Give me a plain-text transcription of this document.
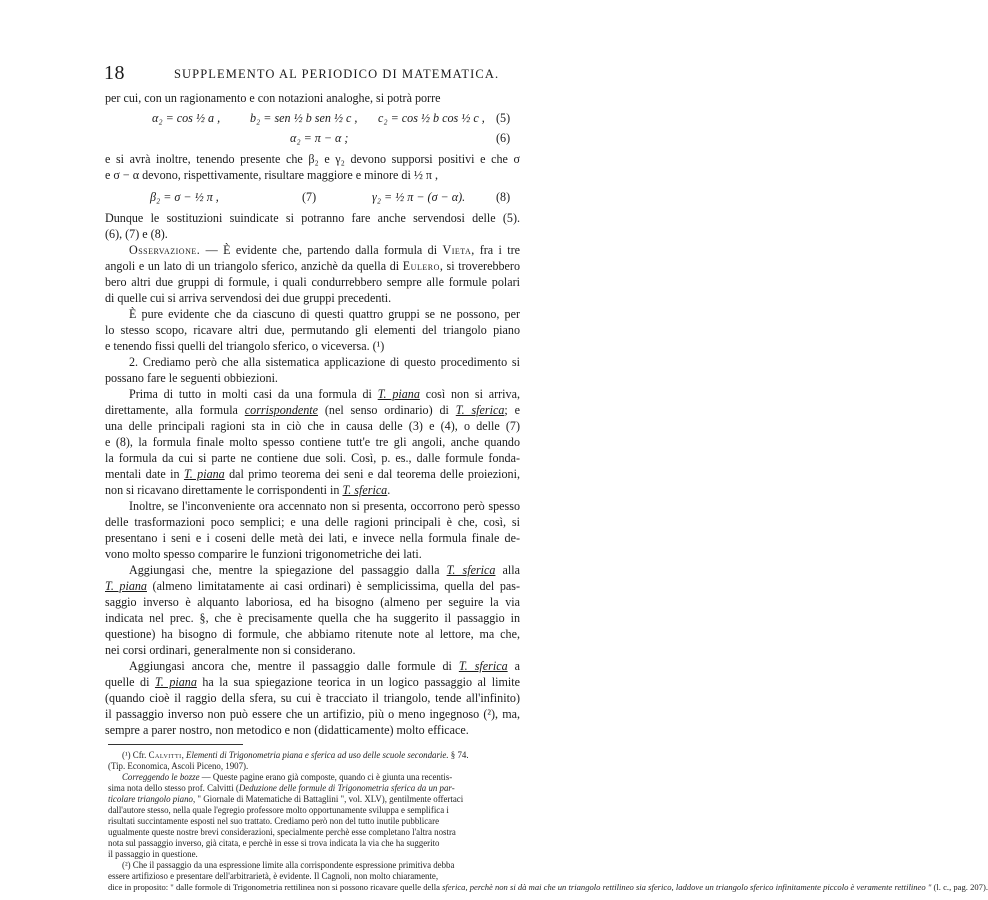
18	SUPPLEMENTO AL PERIODICO DI MATEMATICA.
per cui, con un ragionamento e con notazioni analoghe, si potrà porre
α₂ = cos ½ a , b₂ = sen ½ b sen ½ c , c₂ = cos ½ b cos ½ c , (5)
α₂ = π − α ;	(6)
e si avrà inoltre, tenendo presente che β₂ e γ₂ devono supporsi positivi e che σ
e σ − α devono, rispettivamente, risultare maggiore e minore di ½ π ,
β₂ = σ − ½ π ,	(7)	γ₂ = ½ π − (σ − α).	(8)
Dunque le sostituzioni suindicate si potranno fare anche servendosi delle (5).
(6), (7) e (8).
Osservazione. — È evidente che, partendo dalla formula di Vieta, fra i tre
angoli e un lato di un triangolo sferico, anzichè da quella di Eulero, si troverebbero
bero altri due gruppi di formule, i quali condurrebbero sempre alle formule polari
di quelle cui si arriva servendosi dei due gruppi precedenti.
È pure evidente che da ciascuno di questi quattro gruppi se ne possono, per
lo stesso scopo, ricavare altri due, permutando gli elementi del triangolo piano
e tenendo fissi quelli del triangolo sferico, o viceversa. (¹)
2. Crediamo però che alla sistematica applicazione di questo procedimento si
possano fare le seguenti obbiezioni.
Prima di tutto in molti casi da una formula di T. piana così non si arriva,
direttamente, alla formula corrispondente (nel senso ordinario) di T. sferica; e
una delle principali ragioni sta in ciò che in causa delle (3) e (4), o delle (7)
e (8), la formula finale molto spesso contiene tutt'e tre gli angoli, anche quando
la formula da cui si parte ne contiene due soli. Così, p. es., dalle formule fonda-
mentali date in T. piana dal primo teorema dei seni e dal teorema delle proiezioni,
non si ricavano direttamente le corrispondenti in T. sferica.
Inoltre, se l'inconveniente ora accennato non si presenta, occorrono però spesso
delle trasformazioni poco semplici; e una delle ragioni principali è che, così, si
presentano i seni e i coseni delle metà dei lati, e invece nella formula finale de-
vono molto spesso comparire le funzioni trigonometriche dei lati.
Aggiungasi che, mentre la spiegazione del passaggio dalla T. sferica alla
T. piana (almeno limitatamente ai casi ordinari) è semplicissima, quella del pas-
saggio inverso è alquanto laboriosa, ed ha bisogno (almeno per seguire la via
indicata nel prec. §, che è precisamente quella che ha suggerito il passaggio in
questione) ha bisogno di formule, che abbiamo ritenute note al lettore, ma che,
nei corsi ordinari, generalmente non si considerano.
Aggiungasi ancora che, mentre il passaggio dalle formule di T. sferica a
quelle di T. piana ha la sua spiegazione teorica in un logico passaggio al limite
(quando cioè il raggio della sfera, su cui è tracciato il triangolo, tende all'infinito)
il passaggio inverso non può essere che un artifizio, più o meno ingegnoso (²), ma,
sempre a parer nostro, non metodico e non (didatticamente) molto efficace.
(¹) Cfr. Calvitti, Elementi di Trigonometria piana e sferica ad uso delle scuole secondarie. § 74.
(Tip. Economica, Ascoli Piceno, 1907).
Correggendo le bozze — Queste pagine erano già composte, quando ci è giunta una recentis-
sima nota dello stesso prof. Calvitti (Deduzione delle formule di Trigonometria sferica da un par-
ticolare triangolo piano, " Giornale di Matematiche di Battaglini ", vol. XLV), gentilmente offertaci
dall'autore stesso, nella quale l'egregio professore molto opportunamente sviluppa e semplifica i
risultati succintamente esposti nel suo trattato. Crediamo però non del tutto inutile pubblicare
ugualmente queste nostre brevi considerazioni, specialmente perchè esse completano l'altra nostra
nota sul passaggio inverso, già citata, e perchè in esse si trova indicata la via che ha suggerito
il passaggio in questione.
(²) Che il passaggio da una espressione limite alla corrispondente espressione primitiva debba
essere artifizioso e presentare dell'arbitrarietà, è evidente. Il Cagnoli, non molto chiaramente,
dice in proposito: " dalle formole di Trigonometria rettilinea non si possono ricavare quelle della sferica, perchè non si dà mai che un triangolo rettilineo sia sferico, laddove un triangolo sferico infinitamente piccolo è veramente rettilineo " (l. c., pag. 207).
